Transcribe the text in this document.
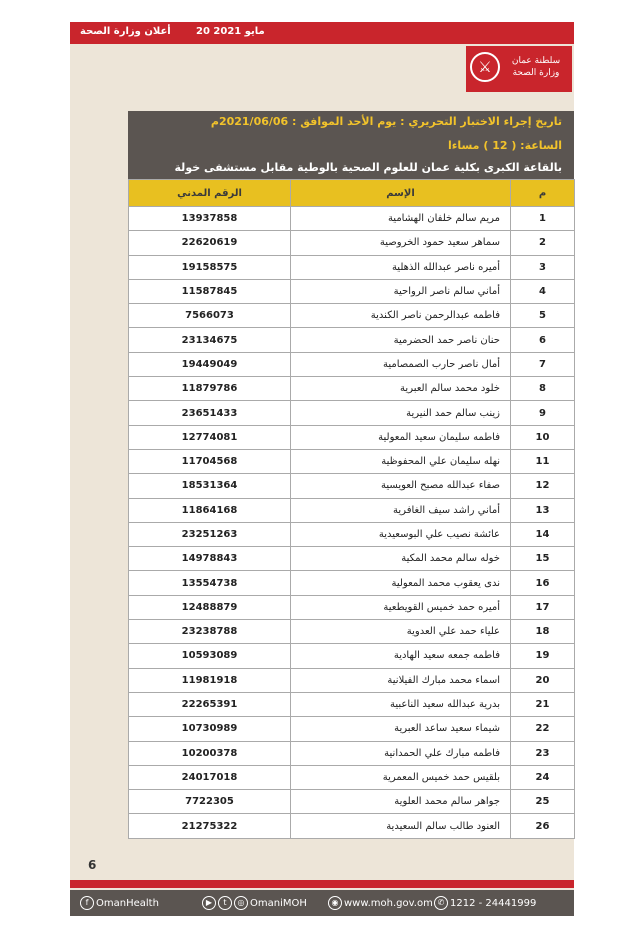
أعلان وزارة الصحة	20 مايو 2021
⚔	سلطنة عمان
وزارة الصحة
تاريخ إجراء الاختبار التحريري : يوم الأحد الموافق : 2021/06/06م
الساعة: ( 12 ) مساءا
بالقاعة الكبرى بكلية عمان للعلوم الصحية بالوطية مقابل مستشفى خولة
م	الإسم	الرقم المدني
1	مريم سالم خلفان الهشامية	13937858
2	سماهر سعيد حمود الخروصية	22620619
3	أميره ناصر عبدالله الذهلية	19158575
4	أماني سالم ناصر الرواحية	11587845
5	فاطمه عبدالرحمن ناصر الكندية	7566073
6	حنان ناصر حمد الحضرمية	23134675
7	أمال ناصر حارب الصمصامية	19449049
8	خلود محمد سالم العبرية	11879786
9	زينب سالم حمد النيرية	23651433
10	فاطمه سليمان سعيد المعولية	12774081
11	نهله سليمان علي المحفوظية	11704568
12	صفاء عبدالله مصبح العويسية	18531364
13	أماني راشد سيف الغافرية	11864168
14	عائشة نصيب علي البوسعيدية	23251263
15	خوله سالم محمد المكية	14978843
16	ندى يعقوب محمد المعولية	13554738
17	أميره حمد خميس القويطعية	12488879
18	علياء حمد علي العدوية	23238788
19	فاطمه جمعه سعيد الهادية	10593089
20	اسماء محمد مبارك الفيلانية	11981918
21	بدرية عبدالله سعيد الناعبية	22265391
22	شيماء سعيد ساعد العبرية	10730989
23	فاطمه مبارك علي الحمدانية	10200378
24	بلقيس حمد خميس المعمرية	24017018
25	جواهر سالم محمد العلوية	7722305
26	العنود طالب سالم السعيدية	21275322
6
f OmanHealth	▶ t ◎ OmaniMOH	◉ www.moh.gov.om ✆ 1212 - 24441999
